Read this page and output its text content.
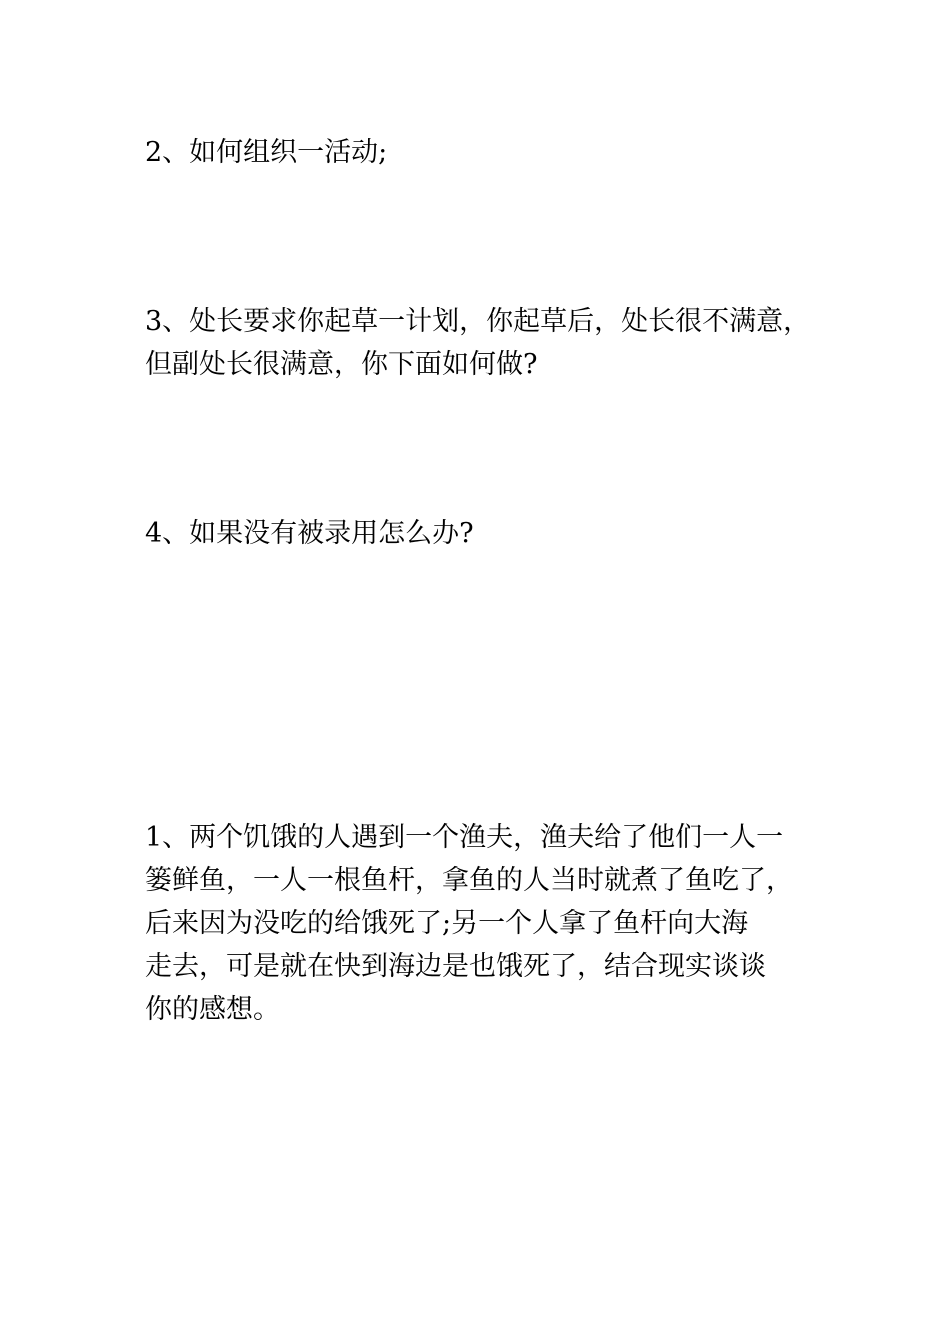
2、如何组织一活动;

3、处长要求你起草一计划，你起草后，处长很不满意，
但副处长很满意，你下面如何做?

4、如果没有被录用怎么办?

1、两个饥饿的人遇到一个渔夫，渔夫给了他们一人一
篓鲜鱼，一人一根鱼杆，拿鱼的人当时就煮了鱼吃了，
后来因为没吃的给饿死了;另一个人拿了鱼杆向大海
走去，可是就在快到海边是也饿死了，结合现实谈谈
你的感想。
